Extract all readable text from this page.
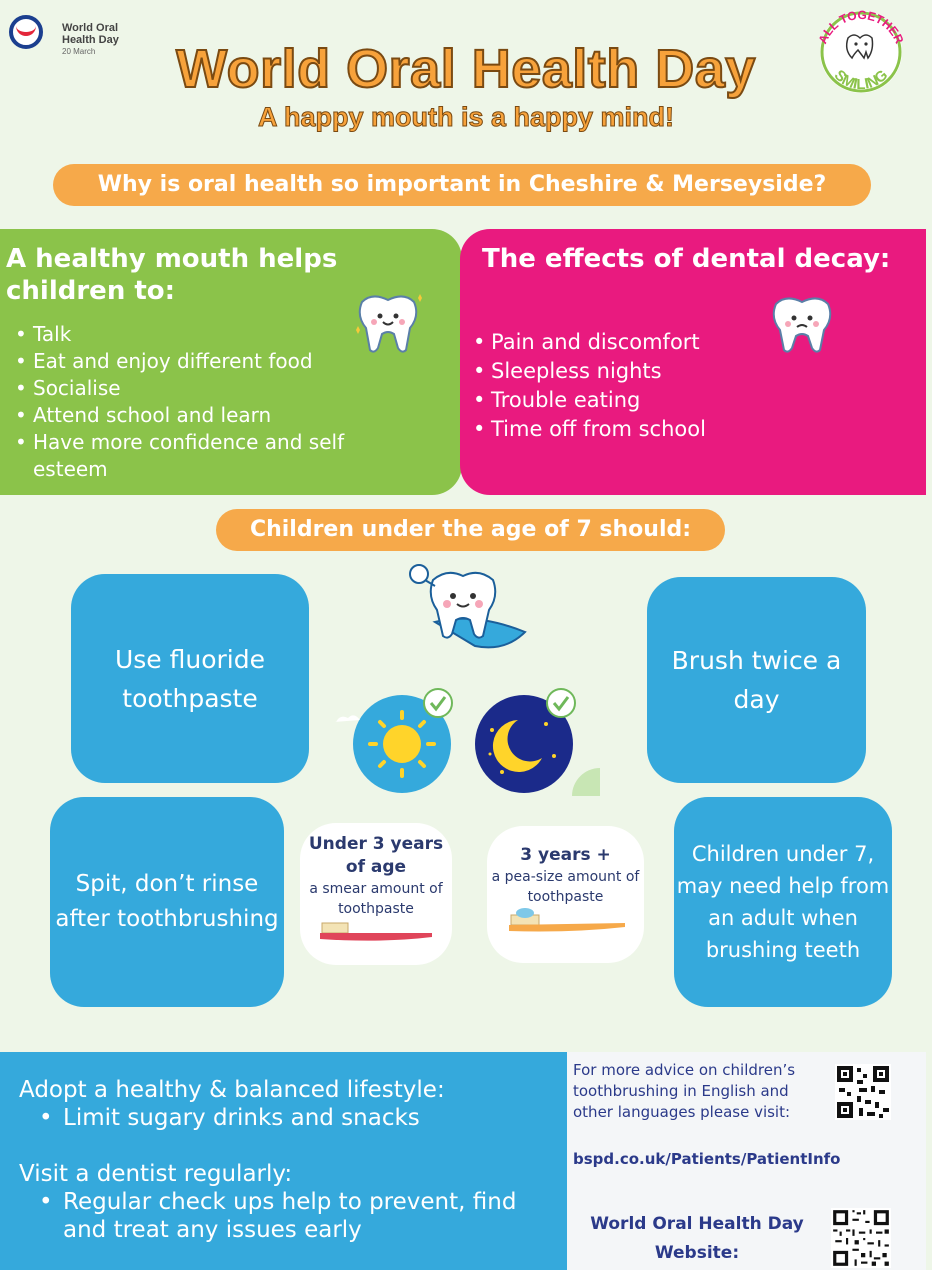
World Oral
Health Day
20 March	World Oral Health Day
A happy mouth is a happy mind!
ALL TOGETHER
SMILING
Why is oral health so important in Cheshire & Merseyside?
A healthy mouth helps children to:
• Talk
• Eat and enjoy different food
• Socialise
• Attend school and learn
• Have more confidence and self esteem
The effects of dental decay:
• Pain and discomfort
• Sleepless nights
• Trouble eating
• Time off from school
Children under the age of 7 should:
Use fluoride toothpaste
Brush twice a day
Spit, don’t rinse after toothbrushing
Children under 7, may need help from an adult when brushing teeth
Under 3 years of age
a smear amount of toothpaste
3 years +
a pea-size amount of toothpaste
Adopt a healthy & balanced lifestyle:
• Limit sugary drinks and snacks
Visit a dentist regularly:
• Regular check ups help to prevent, find and treat any issues early
For more advice on children’s toothbrushing in English and other languages please visit:
bspd.co.uk/Patients/PatientInfo
World Oral Health Day Website:
